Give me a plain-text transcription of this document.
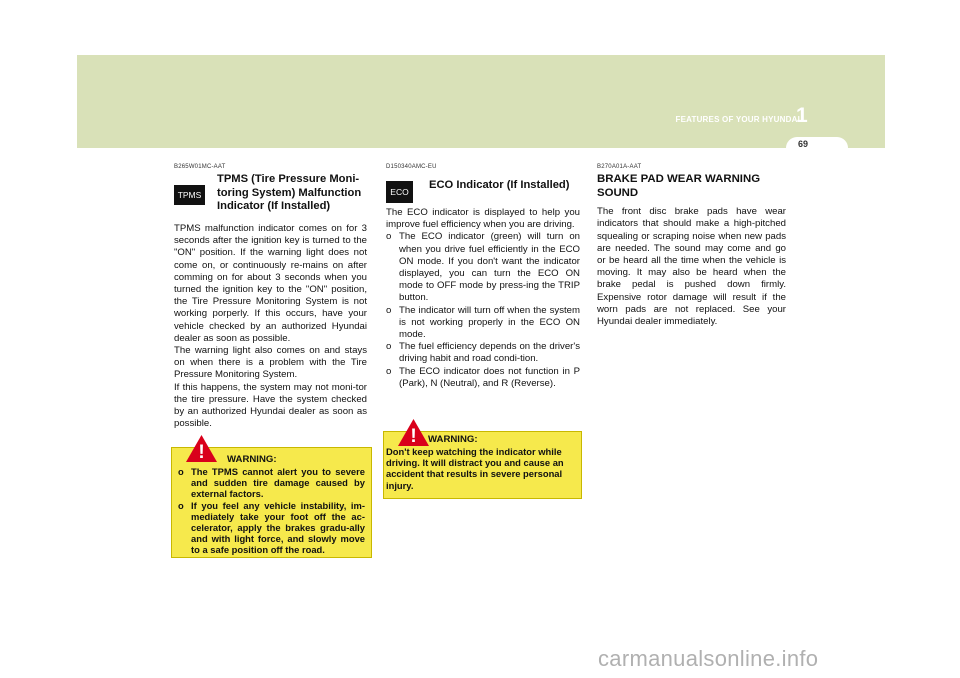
FEATURES OF YOUR HYUNDAI
1
69
B265W01MC-AAT
TPMS
TPMS (Tire Pressure Moni-
toring System) Malfunction
Indicator (If Installed)

TPMS malfunction indicator comes on for 3 seconds after the ignition key is turned to the "ON" position. If the warning light does not come on, or continuously re-mains on after comming on for about 3 seconds when you turned the ignition key to the "ON" position, the Tire Pressure Monitoring System is not working porperly. If this occurs, have your vehicle checked by an authorized Hyundai dealer as soon as possible.

The warning light also comes on and stays on when there is a problem with the Tire Pressure Monitoring System.

If this happens, the system may not moni-tor the tire pressure. Have the system checked by an authorized Hyundai dealer as soon as possible.

! WARNING:
o The TPMS cannot alert you to severe and sudden tire damage caused by external factors.
o If you feel any vehicle instability, im-mediately take your foot off the ac-celerator, apply the brakes gradu-ally and with light force, and slowly move to a safe position off the road.
D150340AMC-EU
ECO
ECO Indicator (If Installed)

The ECO indicator is displayed to help you improve fuel efficiency when you are driving.

o The ECO indicator (green) will turn on when you drive fuel efficiently in the ECO ON mode. If you don't want the indicator displayed, you can turn the ECO ON mode to OFF mode by press-ing the TRIP button.
o The indicator will turn off when the system is not working properly in the ECO ON mode.
o The fuel efficiency depends on the driver's driving habit and road condi-tion.
o The ECO indicator does not function in P (Park), N (Neutral), and R (Reverse).
! WARNING:
Don't keep watching the indicator while driving. It will distract you and cause an accident that results in severe personal injury.
B270A01A-AAT
BRAKE PAD WEAR WARNING SOUND
The front disc brake pads have wear indicators that should make a high-pitched squealing or scraping noise when new pads are needed. The sound may come and go or be heard all the time when the vehicle is moving. It may also be heard when the brake pedal is pushed down firmly. Expensive rotor damage will result if the worn pads are not replaced. See your Hyundai dealer immediately.
carmanualsonline.info
